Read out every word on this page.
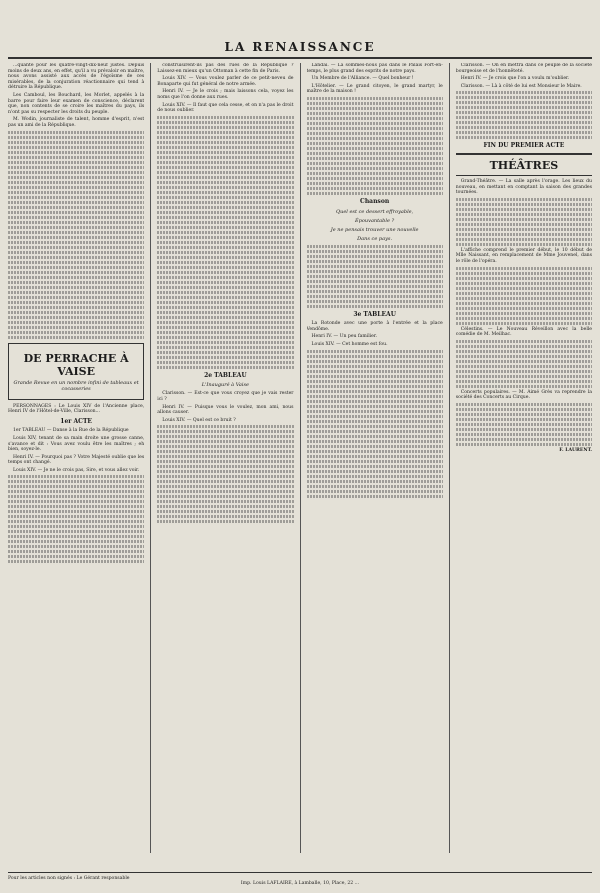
LA RENAISSANCE

...quante pour les quatre-vingt-dix-neuf justes. Depuis moins de deux ans, en effet, qu'il a vu prévaloir en maître, nous avons assisté aux accès de l'égoïsme de ces misérables, de la conjuration réactionnaire qui tend à détruire la République.

Les Camboul, les Bouchard, les Morlet, appelés à la barre pour faire leur examen de conscience, déclarent que, non contents de se croire les maîtres du pays, ils n'ont pas su respecter les droits du peuple.

M. Wodin, journaliste de talent, homme d'esprit, n'est pas un ami de la République.

DE PERRACHE À VAISE
Grande Revue en un nombre infini de tableaux et cocasseries

PERSONNAGES : Le Louis XIV de l'Ancienne place, Henri IV de l'Hôtel-de-Ville, Clarisson...

1er ACTE

1er TABLEAU — Danse à la Rue de la République

Louis XIV, tenant de sa main droite une grosse canne, s'avance et dit : Vous avez voulu être les maîtres ; eh bien, soyez-le.

Henri IV. — Pourquoi pas ? Votre Majesté oublie que les temps ont changé.

Louis XIV. — Je ne le crois pas, Sire, et vous allez voir.

construisirent-ils pas des rues de la République ? Laissez-en mieux qu'un Ottoman à cette fin de Paris.

Louis XIV. — Vous voulez parler de ce petit-neveu de Bonaparte qui fut général de notre armée.

Henri IV. — Je le crois ; mais laissons cela, voyez les noms que l'on donne aux rues.

Louis XIV. — Il faut que cela cesse, et on n'a pas le droit de nous oublier.

2e TABLEAU
L'Inauguré à Vaise

Clarisson. — Est-ce que vous croyez que je vais rester ici ?

Henri IV. — Puisque vous le voulez, mon ami, nous allons causer.

Louis XIV. — Quel est ce bruit ?

Landai. — Là sommes-nous pas dans le Palais Fort-en-temps, le plus grand des esprits de notre pays.

Un Membre de l'Alliance. — Quel bonheur !

L'Hôtelier. — Le grand citoyen, le grand martyr, le maître de la maison !

Chanson
Quel est ce dessert effroyable,
Épouvantable ?
Je ne pensais trouver une nouvelle
Dans ce pays.
3e TABLEAU

La Rotonde avec une porte à l'entrée et la place Vendôme.

Henri IV. — Un peu familier.

Louis XIV. — Cet homme est fou.

Clarisson. — On en mettra dans ce peuple de la société bourgeoise et de l'honnêteté.

Henri IV. — Je crois que l'on a voulu m'oublier.

Clarisson. — Là à côté de lui est Monsieur le Maire.

FIN DU PREMIER ACTE
THÉÂTRES

Grand-Théâtre. — La salle après l'orage. Les lieux du nouveau, en mettant en comptant la saison des grandes tournées.

L'affiche comprend le premier début, le 10 début de Mlle Naissant, en remplacement de Mme Jouvenel, dans le rôle de l'opéra.

Célestins. — Le Nouveau Réveillon avec la belle comédie de M. Meilhac.

Concerts populaires. — M. Aimé Grès va reprendre la société des Concerts au Cirque.

F. LAURENT.
Pour les articles non signés : Le Gérant responsable
Imp. Louis LAFLAIRE, à Lamballe, 10, Place, 22 ...
